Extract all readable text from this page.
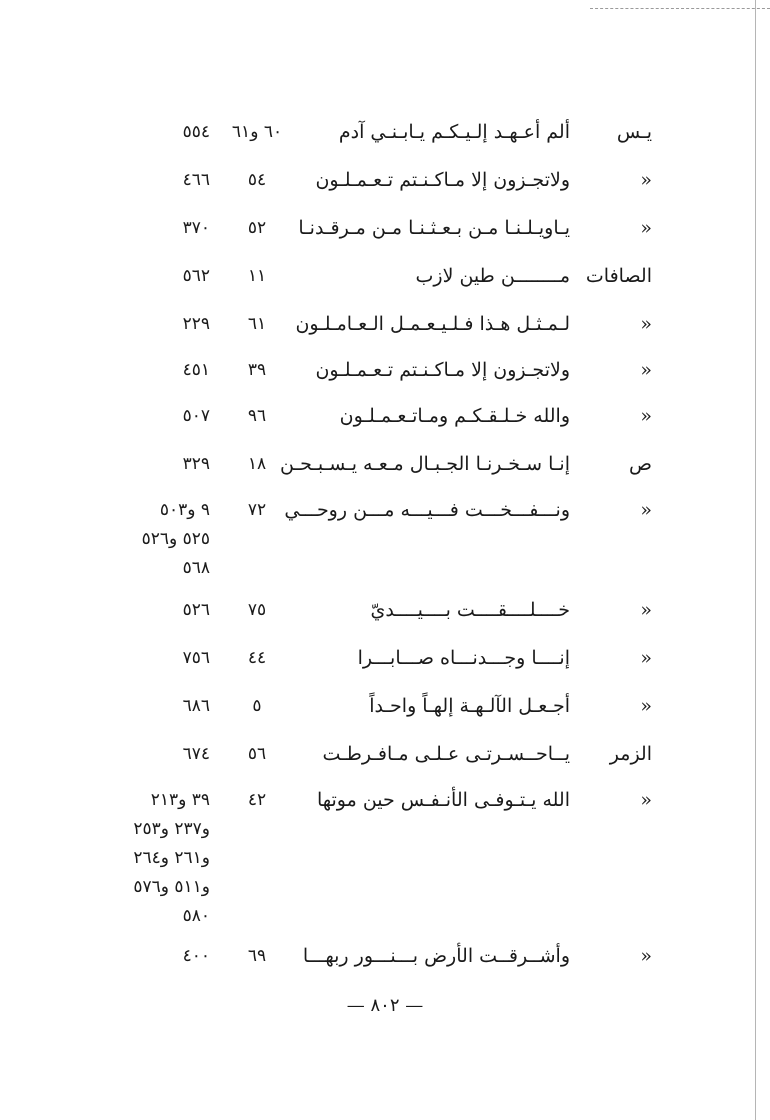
يـس
ألم أعـهـد إلـيـكـم يـابـنـي آدم
٦٠ و٦١
٥٥٤
«
ولاتجـزون إلا مـاكـنـتم تـعـمـلـون
٥٤
٤٦٦
«
يـاويـلـنـا مـن بـعـثـنـا مـن مـرقـدنـا
٥٢
٣٧٠
الصافات
مــــــــن طين لازب
١١
٥٦٢
«
لـمـثـل هـذا فـلـيـعـمـل الـعـامـلـون
٦١
٢٢٩
«
ولاتجـزون إلا مـاكـنـتم تـعـمـلـون
٣٩
٤٥١
«
والله خـلـقـكـم ومـاتـعـمـلـون
٩٦
٥٠٧
ص
إنـا سـخـرنـا الجـبـال مـعـه يـسـبـحـن
١٨
٣٢٩
«
ونـــفـــخـــت فـــيـــه مـــن روحـــي
٧٢
٩ و٥٠٣
٥٢٥ و٥٢٦
٥٦٨
«
خــــلــــقــــت بــــيــــديّ
٧٥
٥٢٦
«
إنــــا وجـــدنـــاه صـــابـــرا
٤٤
٧٥٦
«
أجـعـل الآلـهـة إلهـاً واحـداً
٥
٦٨٦
الزمر
يــاحــسـرتـى عـلـى مـافـرطـت
٥٦
٦٧٤
«
الله يـتـوفـى الأنـفـس حين موتها
٤٢
٣٩ و٢١٣
و٢٣٧ و٢٥٣
و٢٦١ و٢٦٤
و٥١١ و٥٧٦
٥٨٠
«
وأشــرقــت الأرض بـــنـــور ربهـــا
٦٩
٤٠٠
— ٨٠٢ —
